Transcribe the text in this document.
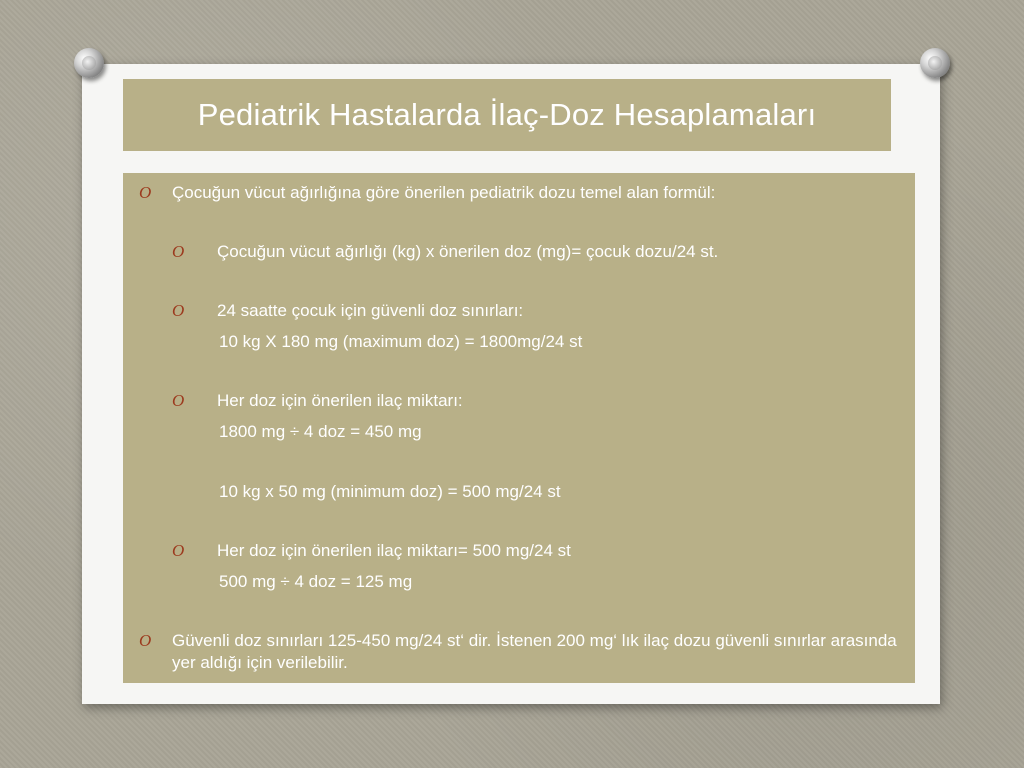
Pediatrik Hastalarda İlaç-Doz Hesaplamaları
O Çocuğun vücut ağırlığına göre önerilen pediatrik dozu temel alan formül:
O Çocuğun vücut ağırlığı (kg) x önerilen doz (mg)= çocuk dozu/24 st.
O 24 saatte çocuk için güvenli doz sınırları:
10 kg X 180 mg (maximum doz) = 1800mg/24 st
O Her doz için önerilen ilaç miktarı:
1800 mg ÷ 4 doz = 450 mg
10 kg x 50 mg (minimum doz) = 500 mg/24 st
O Her doz için önerilen ilaç miktarı= 500 mg/24 st
500 mg ÷ 4 doz = 125 mg
O Güvenli doz sınırları 125-450 mg/24 st‘ dir. İstenen 200 mg‘ lık ilaç dozu güvenli sınırlar arasında yer aldığı için verilebilir.
